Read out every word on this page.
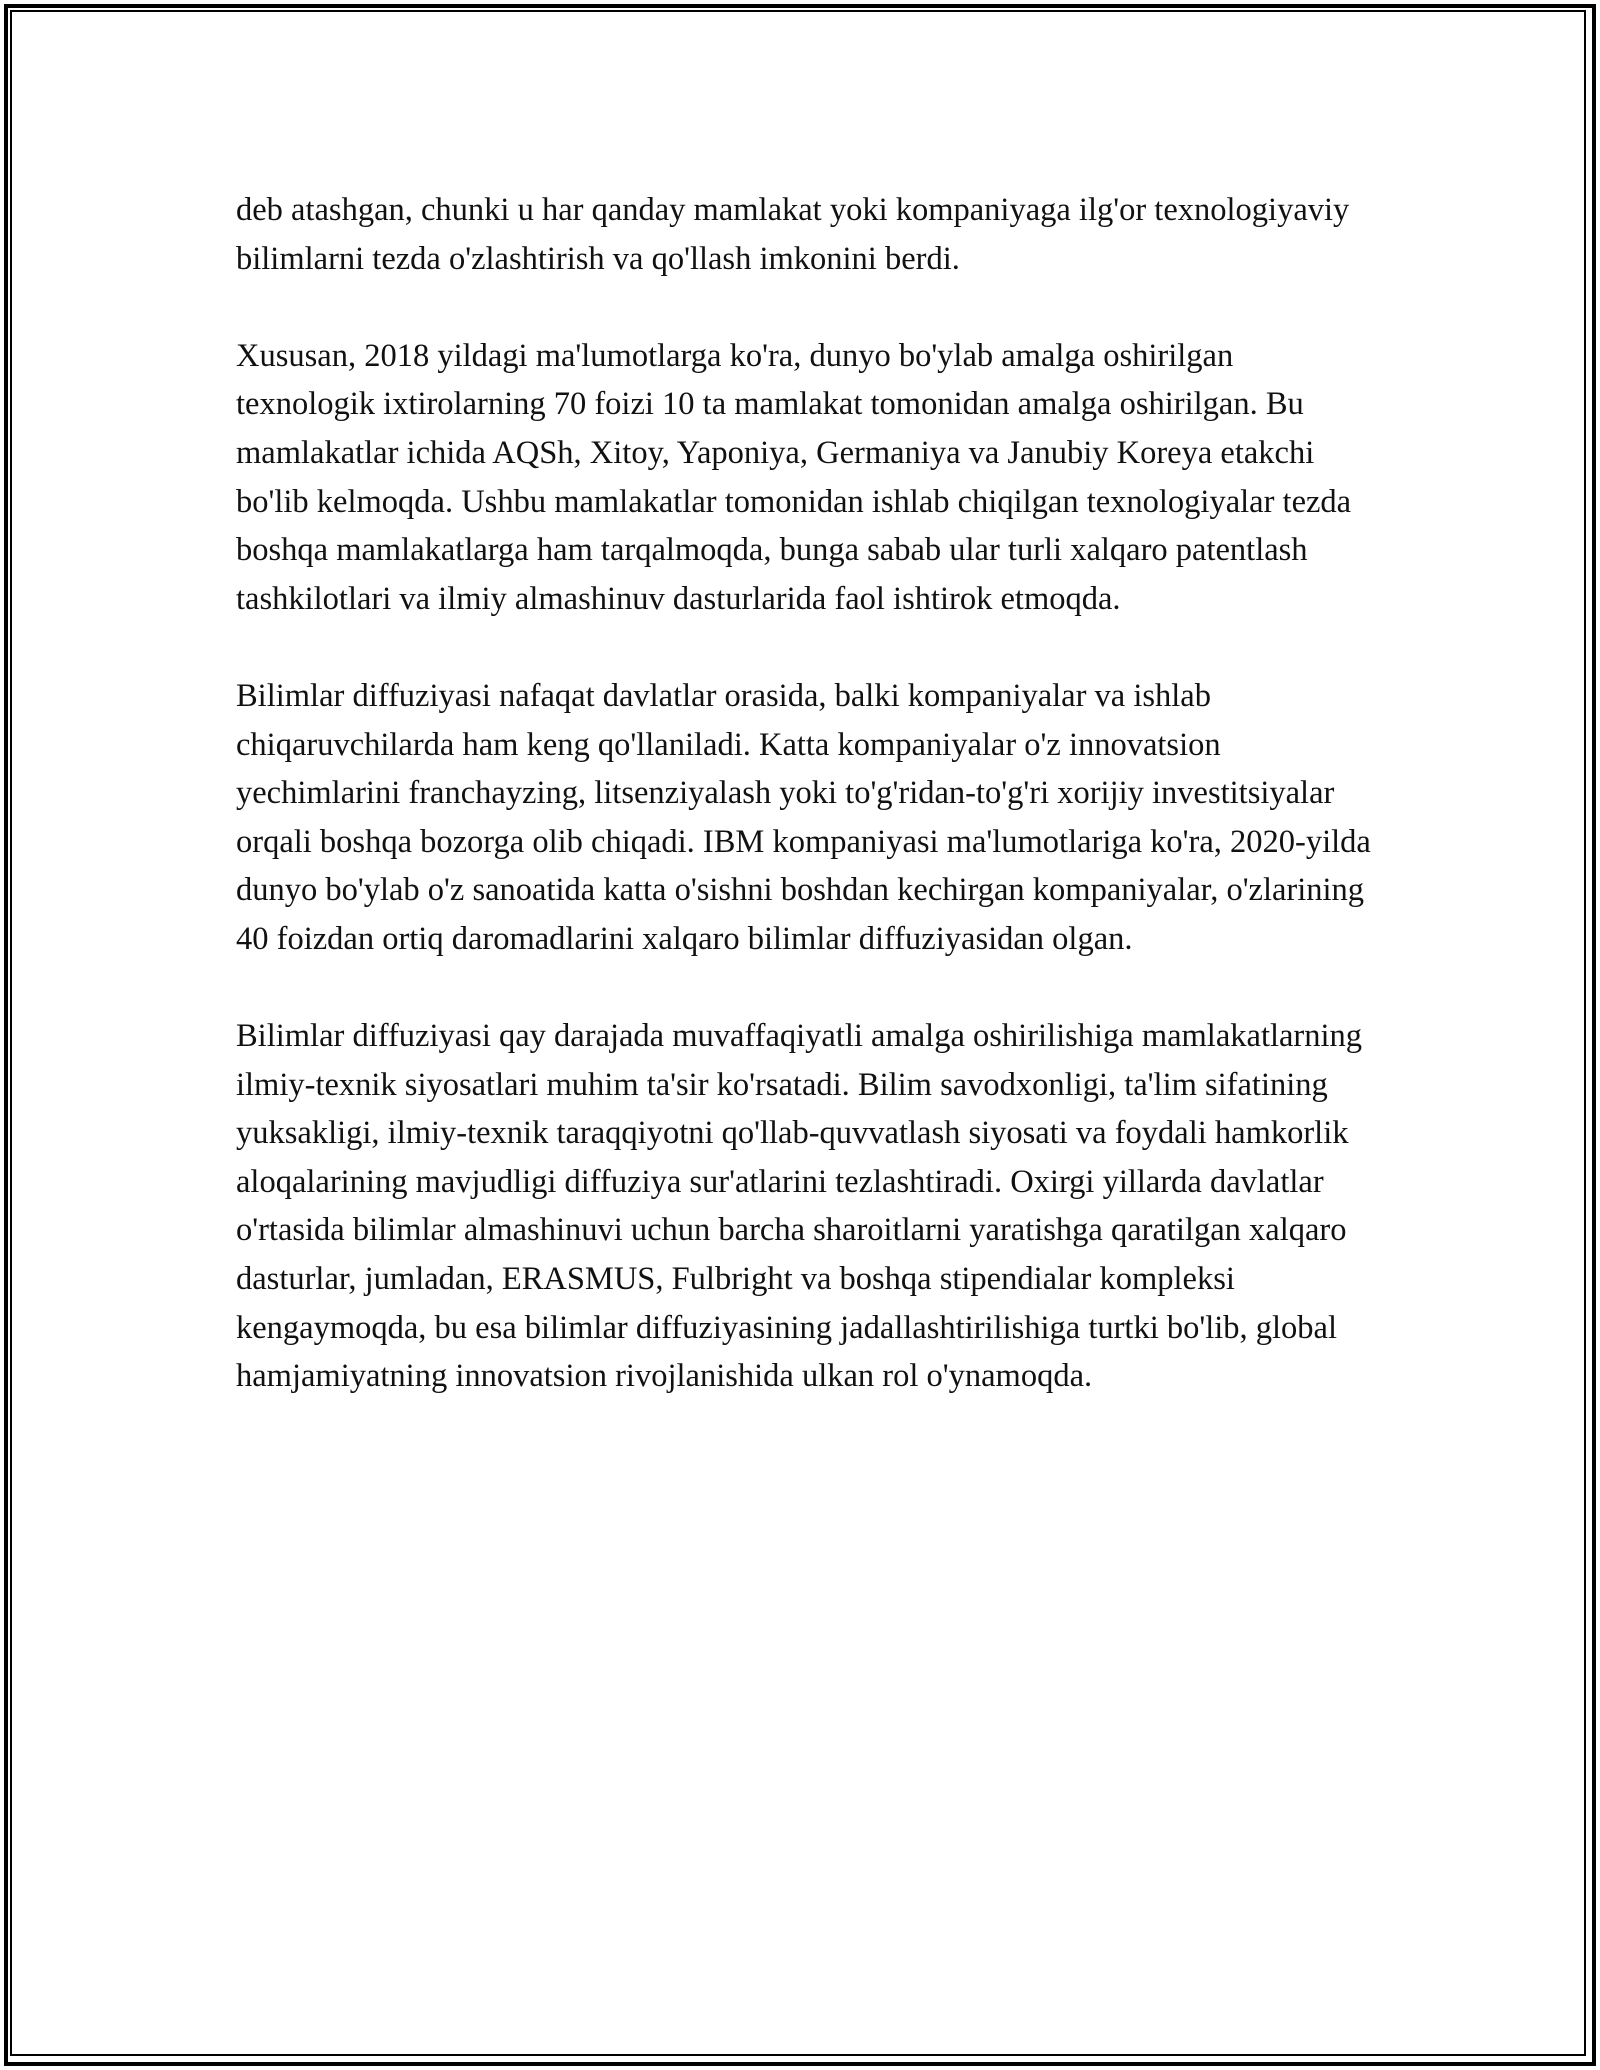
deb atashgan, chunki u har qanday mamlakat yoki kompaniyaga ilg'or texnologiyaviy bilimlarni tezda o'zlashtirish va qo'llash imkonini berdi.

Xususan, 2018 yildagi ma'lumotlarga ko'ra, dunyo bo'ylab amalga oshirilgan texnologik ixtirolarning 70 foizi 10 ta mamlakat tomonidan amalga oshirilgan. Bu mamlakatlar ichida AQSh, Xitoy, Yaponiya, Germaniya va Janubiy Koreya etakchi bo'lib kelmoqda. Ushbu mamlakatlar tomonidan ishlab chiqilgan texnologiyalar tezda boshqa mamlakatlarga ham tarqalmoqda, bunga sabab ular turli xalqaro patentlash tashkilotlari va ilmiy almashinuv dasturlarida faol ishtirok etmoqda.

Bilimlar diffuziyasi nafaqat davlatlar orasida, balki kompaniyalar va ishlab chiqaruvchilarda ham keng qo'llaniladi. Katta kompaniyalar o'z innovatsion yechimlarini franchayzing, litsenziyalash yoki to'g'ridan-to'g'ri xorijiy investitsiyalar orqali boshqa bozorga olib chiqadi. IBM kompaniyasi ma'lumotlariga ko'ra, 2020-yilda dunyo bo'ylab o'z sanoatida katta o'sishni boshdan kechirgan kompaniyalar, o'zlarining 40 foizdan ortiq daromadlarini xalqaro bilimlar diffuziyasidan olgan.

Bilimlar diffuziyasi qay darajada muvaffaqiyatli amalga oshirilishiga mamlakatlarning ilmiy-texnik siyosatlari muhim ta'sir ko'rsatadi. Bilim savodxonligi, ta'lim sifatining yuksakligi, ilmiy-texnik taraqqiyotni qo'llab-quvvatlash siyosati va foydali hamkorlik aloqalarining mavjudligi diffuziya sur'atlarini tezlashtiradi. Oxirgi yillarda davlatlar o'rtasida bilimlar almashinuvi uchun barcha sharoitlarni yaratishga qaratilgan xalqaro dasturlar, jumladan, ERASMUS, Fulbright va boshqa stipendialar kompleksi kengaymoqda, bu esa bilimlar diffuziyasining jadallashtirilishiga turtki bo'lib, global hamjamiyatning innovatsion rivojlanishida ulkan rol o'ynamoqda.
